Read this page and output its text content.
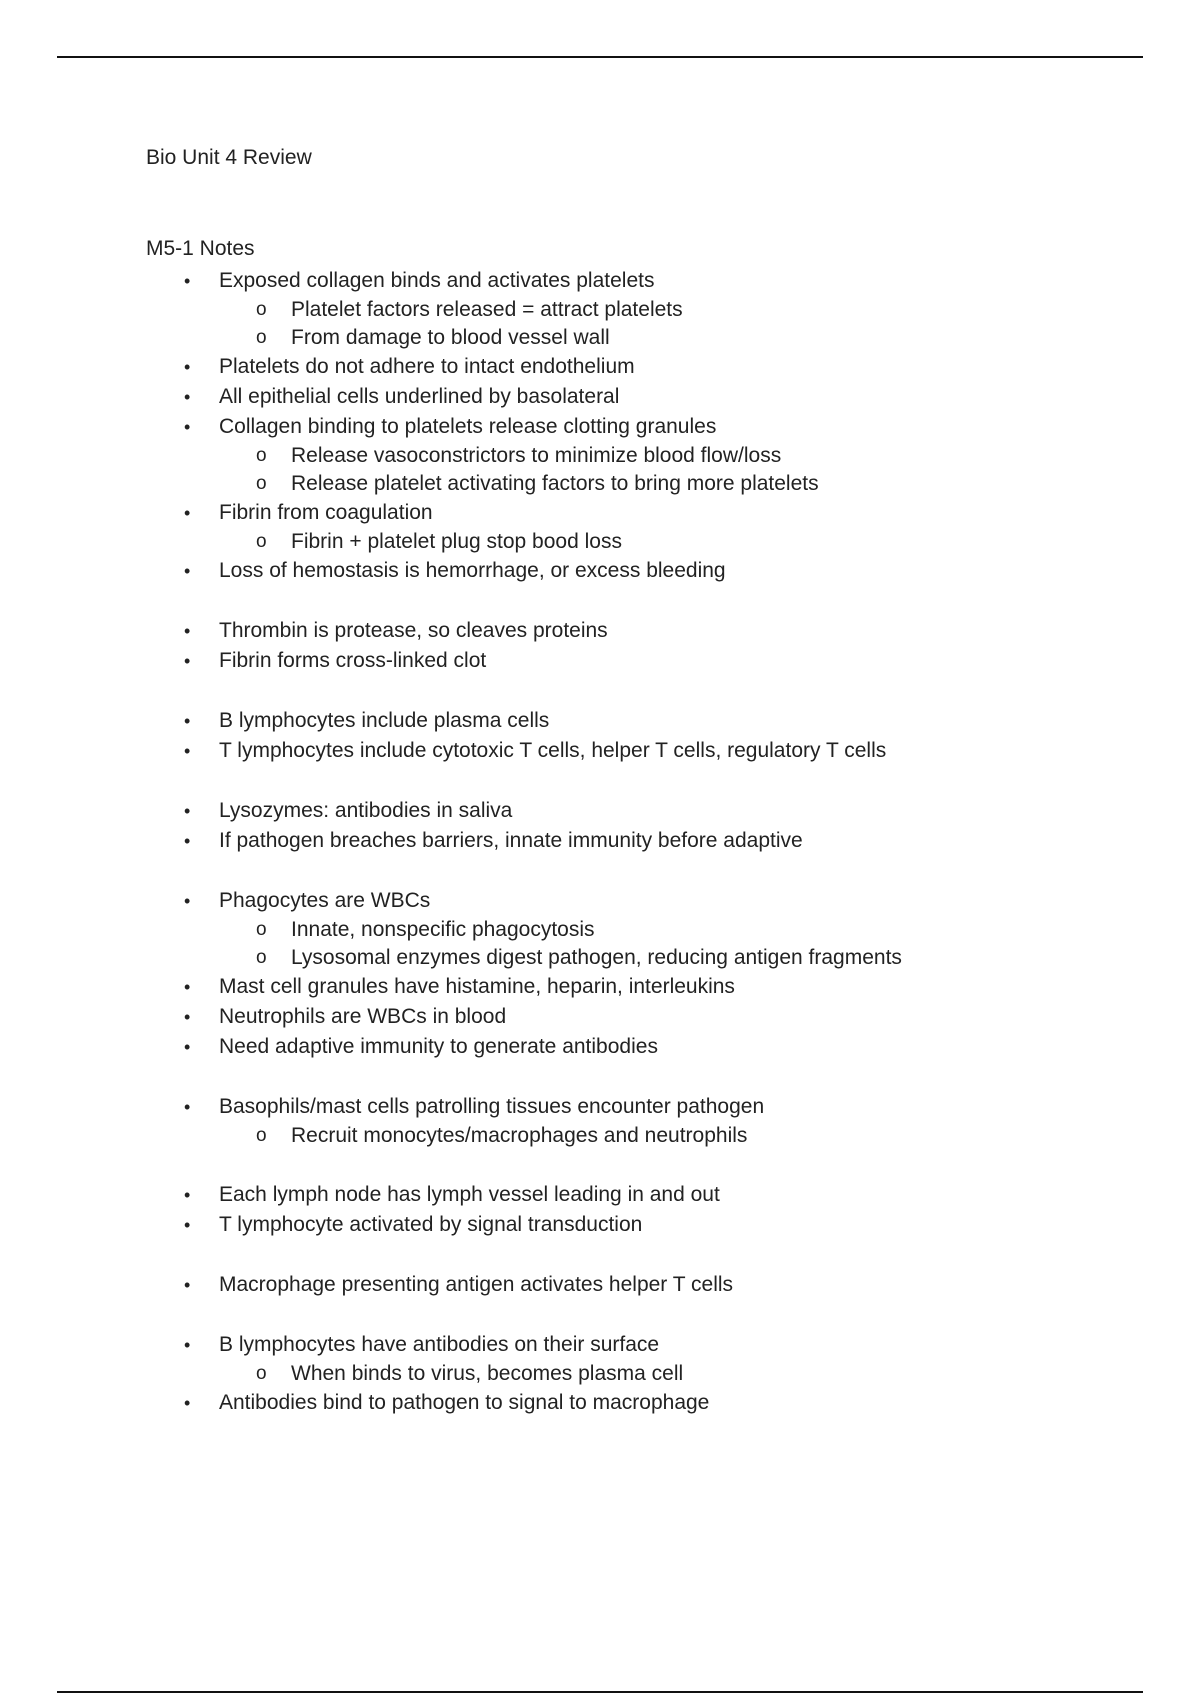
Bio Unit 4 Review
M5-1 Notes
• Exposed collagen binds and activates platelets
o Platelet factors released = attract platelets
o From damage to blood vessel wall
• Platelets do not adhere to intact endothelium
• All epithelial cells underlined by basolateral
• Collagen binding to platelets release clotting granules
o Release vasoconstrictors to minimize blood flow/loss
o Release platelet activating factors to bring more platelets
• Fibrin from coagulation
o Fibrin + platelet plug stop bood loss
• Loss of hemostasis is hemorrhage, or excess bleeding
• Thrombin is protease, so cleaves proteins
• Fibrin forms cross-linked clot
• B lymphocytes include plasma cells
• T lymphocytes include cytotoxic T cells, helper T cells, regulatory T cells
• Lysozymes: antibodies in saliva
• If pathogen breaches barriers, innate immunity before adaptive
• Phagocytes are WBCs
o Innate, nonspecific phagocytosis
o Lysosomal enzymes digest pathogen, reducing antigen fragments
• Mast cell granules have histamine, heparin, interleukins
• Neutrophils are WBCs in blood
• Need adaptive immunity to generate antibodies
• Basophils/mast cells patrolling tissues encounter pathogen
o Recruit monocytes/macrophages and neutrophils
• Each lymph node has lymph vessel leading in and out
• T lymphocyte activated by signal transduction
• Macrophage presenting antigen activates helper T cells
• B lymphocytes have antibodies on their surface
o When binds to virus, becomes plasma cell
• Antibodies bind to pathogen to signal to macrophage
